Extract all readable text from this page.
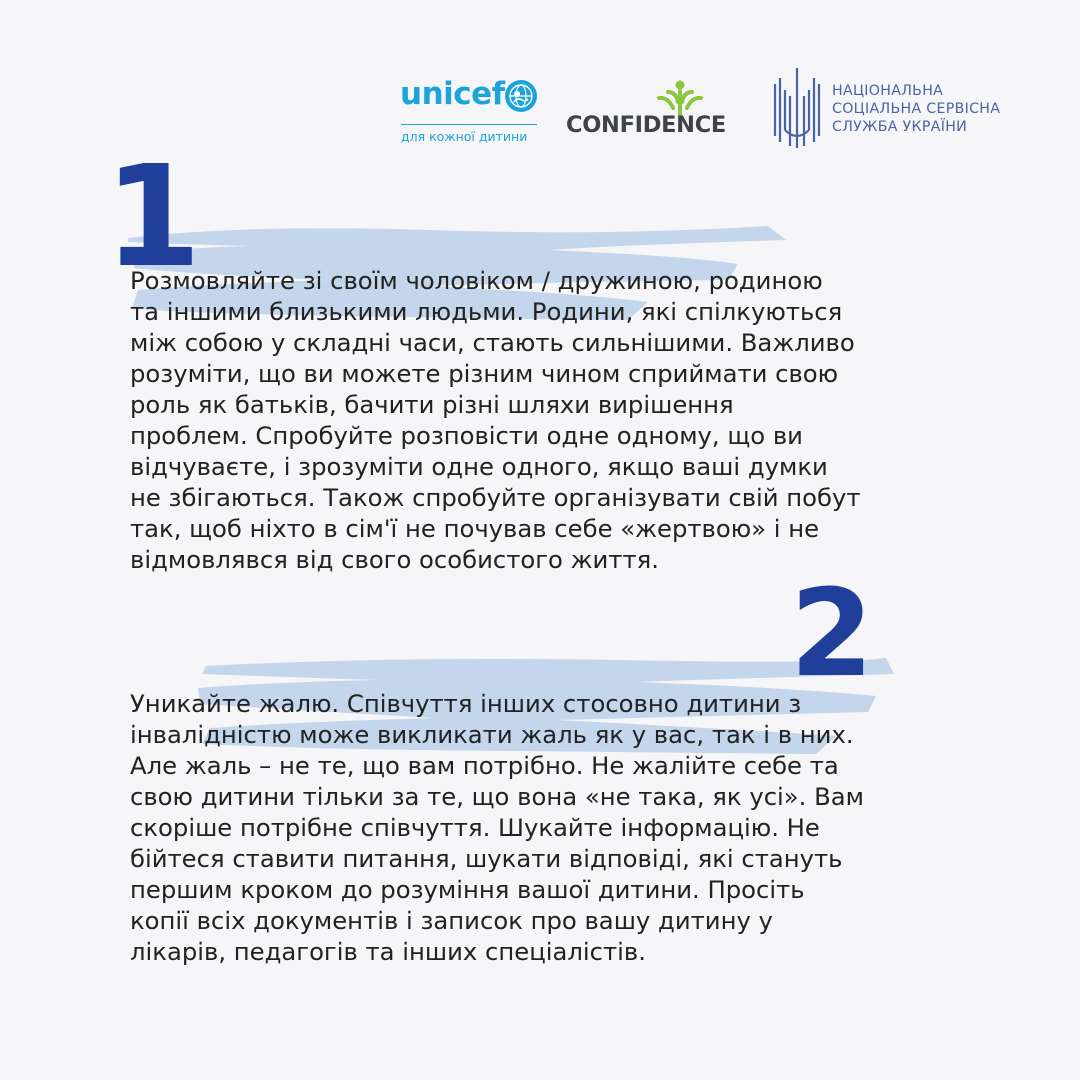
unicef
для кожної дитини CONFIDENCE
НАЦІОНАЛЬНА
СОЦІАЛЬНА СЕРВІСНА
СЛУЖБА УКРАЇНИ
1
2
Розмовляйте зі своїм чоловіком / дружиною, родиною
та іншими близькими людьми. Родини, які спілкуються
між собою у складні часи, стають сильнішими. Важливо
розуміти, що ви можете різним чином сприймати свою
роль як батьків, бачити різні шляхи вирішення
проблем. Спробуйте розповісти одне одному, що ви
відчуваєте, і зрозуміти одне одного, якщо ваші думки
не збігаються. Також спробуйте організувати свій побут
так, щоб ніхто в сім'ї не почував себе «жертвою» і не
відмовлявся від свого особистого життя.
Уникайте жалю. Співчуття інших стосовно дитини з
інвалідністю може викликати жаль як у вас, так і в них.
Але жаль – не те, що вам потрібно. Не жалійте себе та
свою дитини тільки за те, що вона «не така, як усі». Вам
скоріше потрібне співчуття. Шукайте інформацію. Не
бійтеся ставити питання, шукати відповіді, які стануть
першим кроком до розуміння вашої дитини. Просіть
копії всіх документів і записок про вашу дитину у
лікарів, педагогів та інших спеціалістів.
